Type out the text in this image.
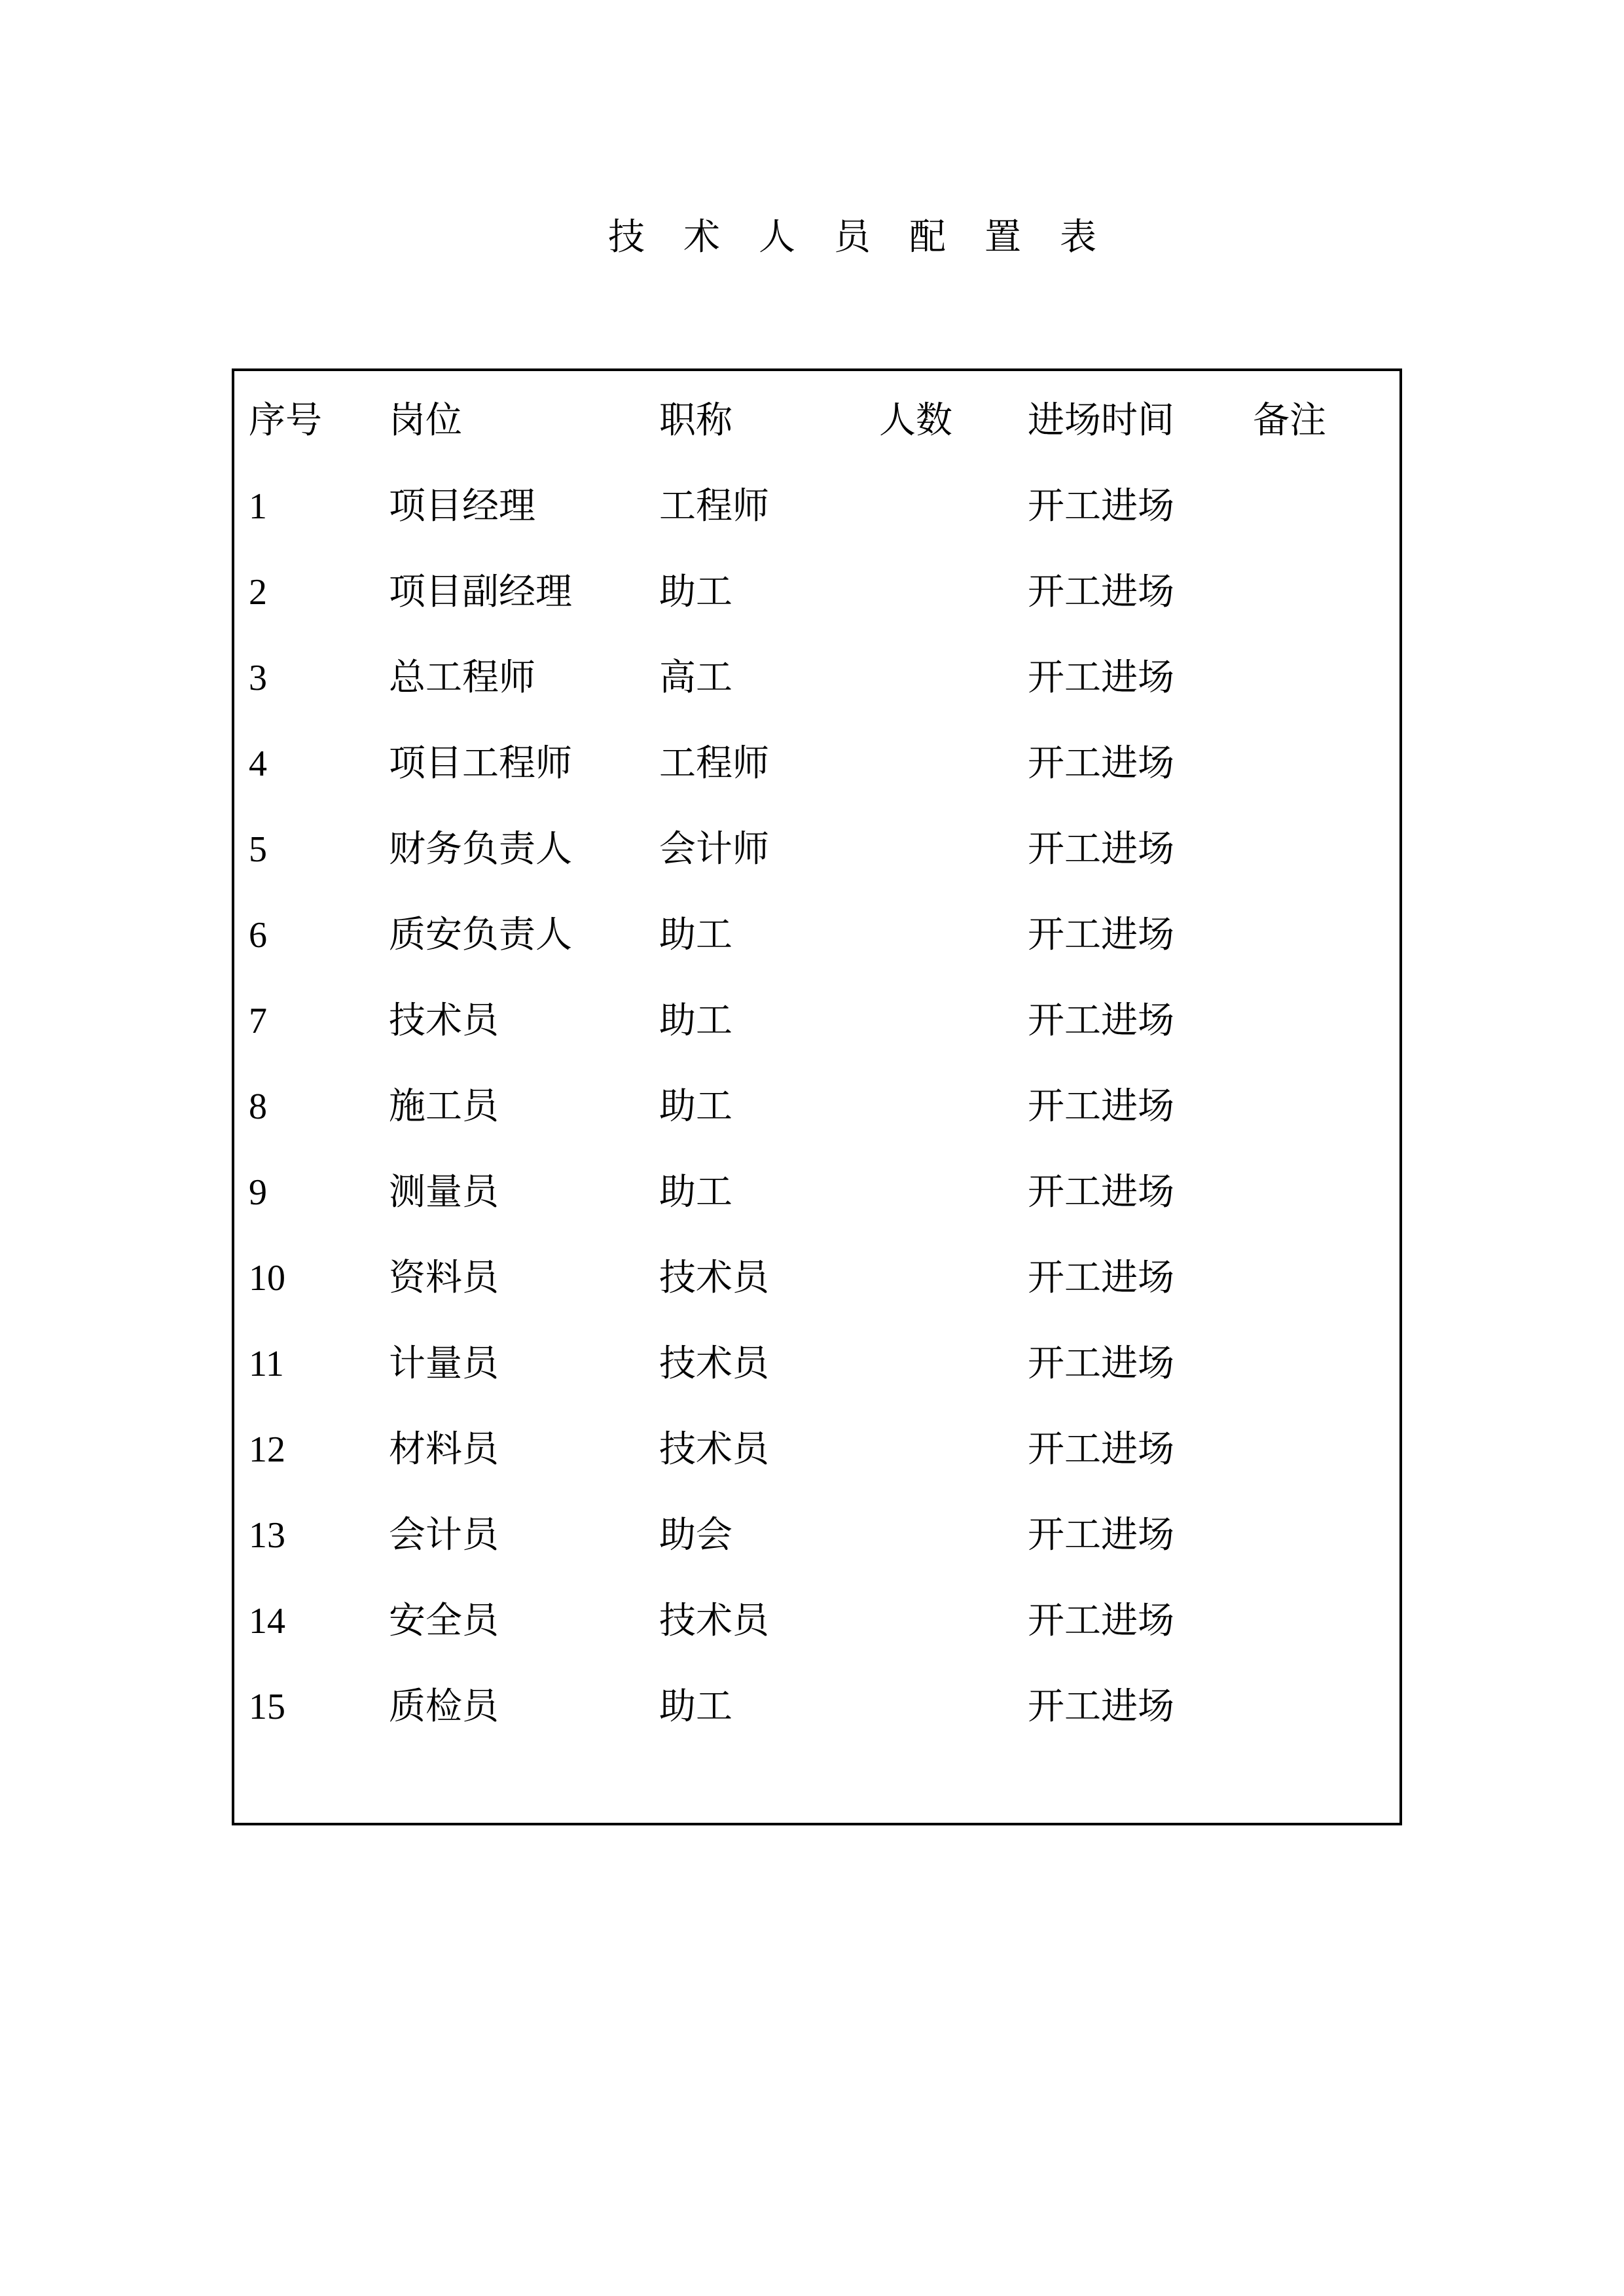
技 术 人 员 配 置 表
序号 岗位	职称	人数 进场时间 备注
1	项目经理	工程师	开工进场
2	项目副经理 助工	开工进场
3	总工程师	高工	开工进场
4	项目工程师 工程师	开工进场
5	财务负责人 会计师	开工进场
6	质安负责人 助工	开工进场
7	技术员	助工	开工进场
8	施工员	助工	开工进场
9	测量员	助工	开工进场
10	资料员	技术员	开工进场
11	计量员	技术员	开工进场
12	材料员	技术员	开工进场
13	会计员	助会	开工进场
14	安全员	技术员	开工进场
15	质检员	助工	开工进场
